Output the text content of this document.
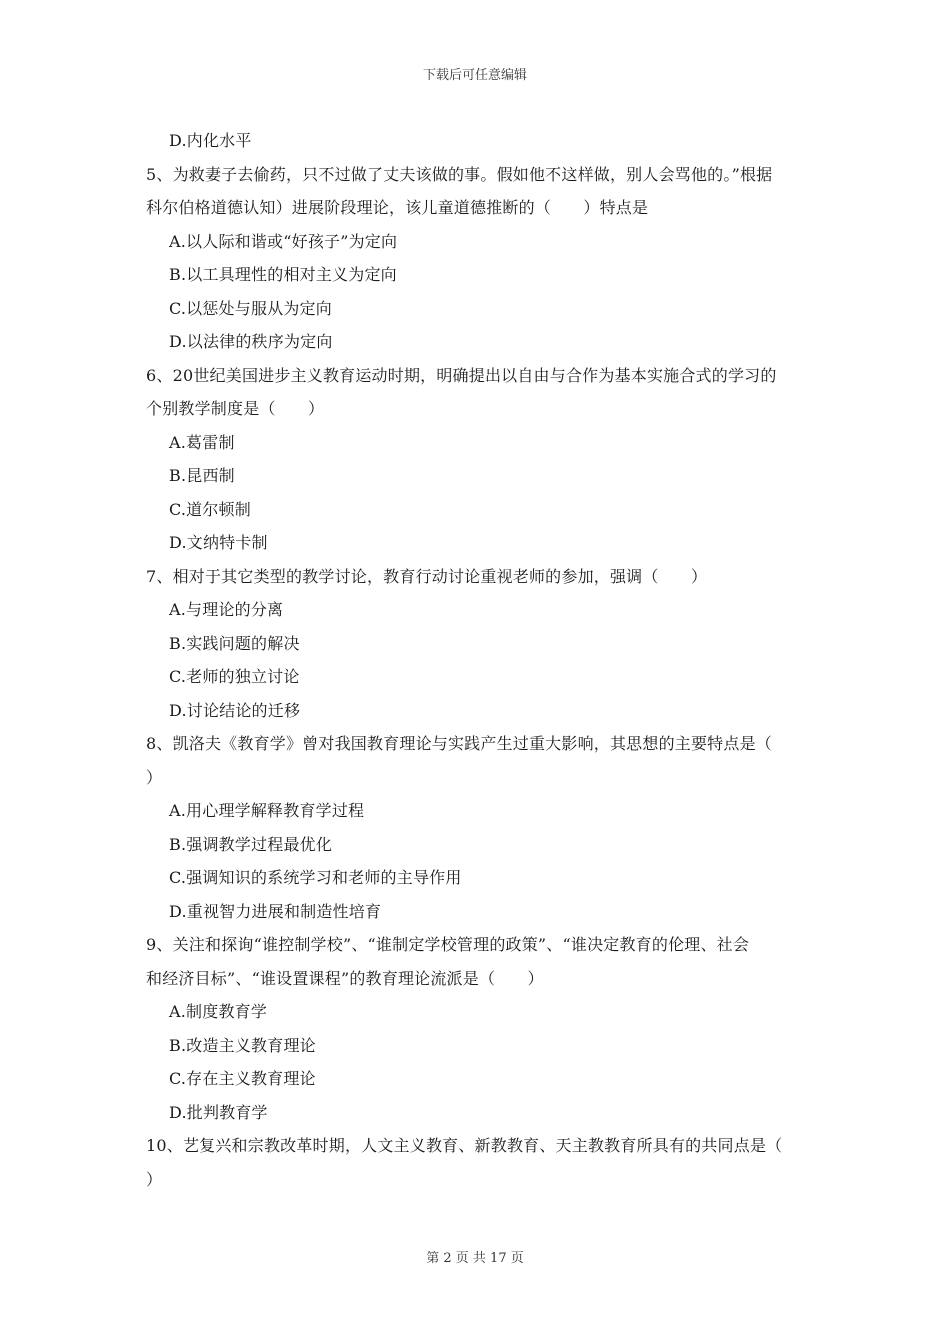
下载后可任意编辑
D.内化水平
5、为救妻子去偷药，只不过做了丈夫该做的事。假如他不这样做，别人会骂他的。”根据
科尔伯格道德认知）进展阶段理论，该儿童道德推断的（　　）特点是
A.以人际和谐或“好孩子”为定向
B.以工具理性的相对主义为定向
C.以惩处与服从为定向
D.以法律的秩序为定向
6、20世纪美国进步主义教育运动时期，明确提出以自由与合作为基本实施合式的学习的
个别教学制度是（　　）
A.葛雷制
B.昆西制
C.道尔顿制
D.文纳特卡制
7、相对于其它类型的教学讨论，教育行动讨论重视老师的参加，强调（　　）
A.与理论的分离
B.实践问题的解决
C.老师的独立讨论
D.讨论结论的迁移
8、凯洛夫《教育学》曾对我国教育理论与实践产生过重大影响，其思想的主要特点是（
）
A.用心理学解释教育学过程
B.强调教学过程最优化
C.强调知识的系统学习和老师的主导作用
D.重视智力进展和制造性培育
9、关注和探询“谁控制学校”、“谁制定学校管理的政策”、“谁决定教育的伦理、社会
和经济目标”、“谁设置课程”的教育理论流派是（　　）
A.制度教育学
B.改造主义教育理论
C.存在主义教育理论
D.批判教育学
10、艺复兴和宗教改革时期，人文主义教育、新教教育、天主教教育所具有的共同点是（
）
第 2 页 共 17 页
